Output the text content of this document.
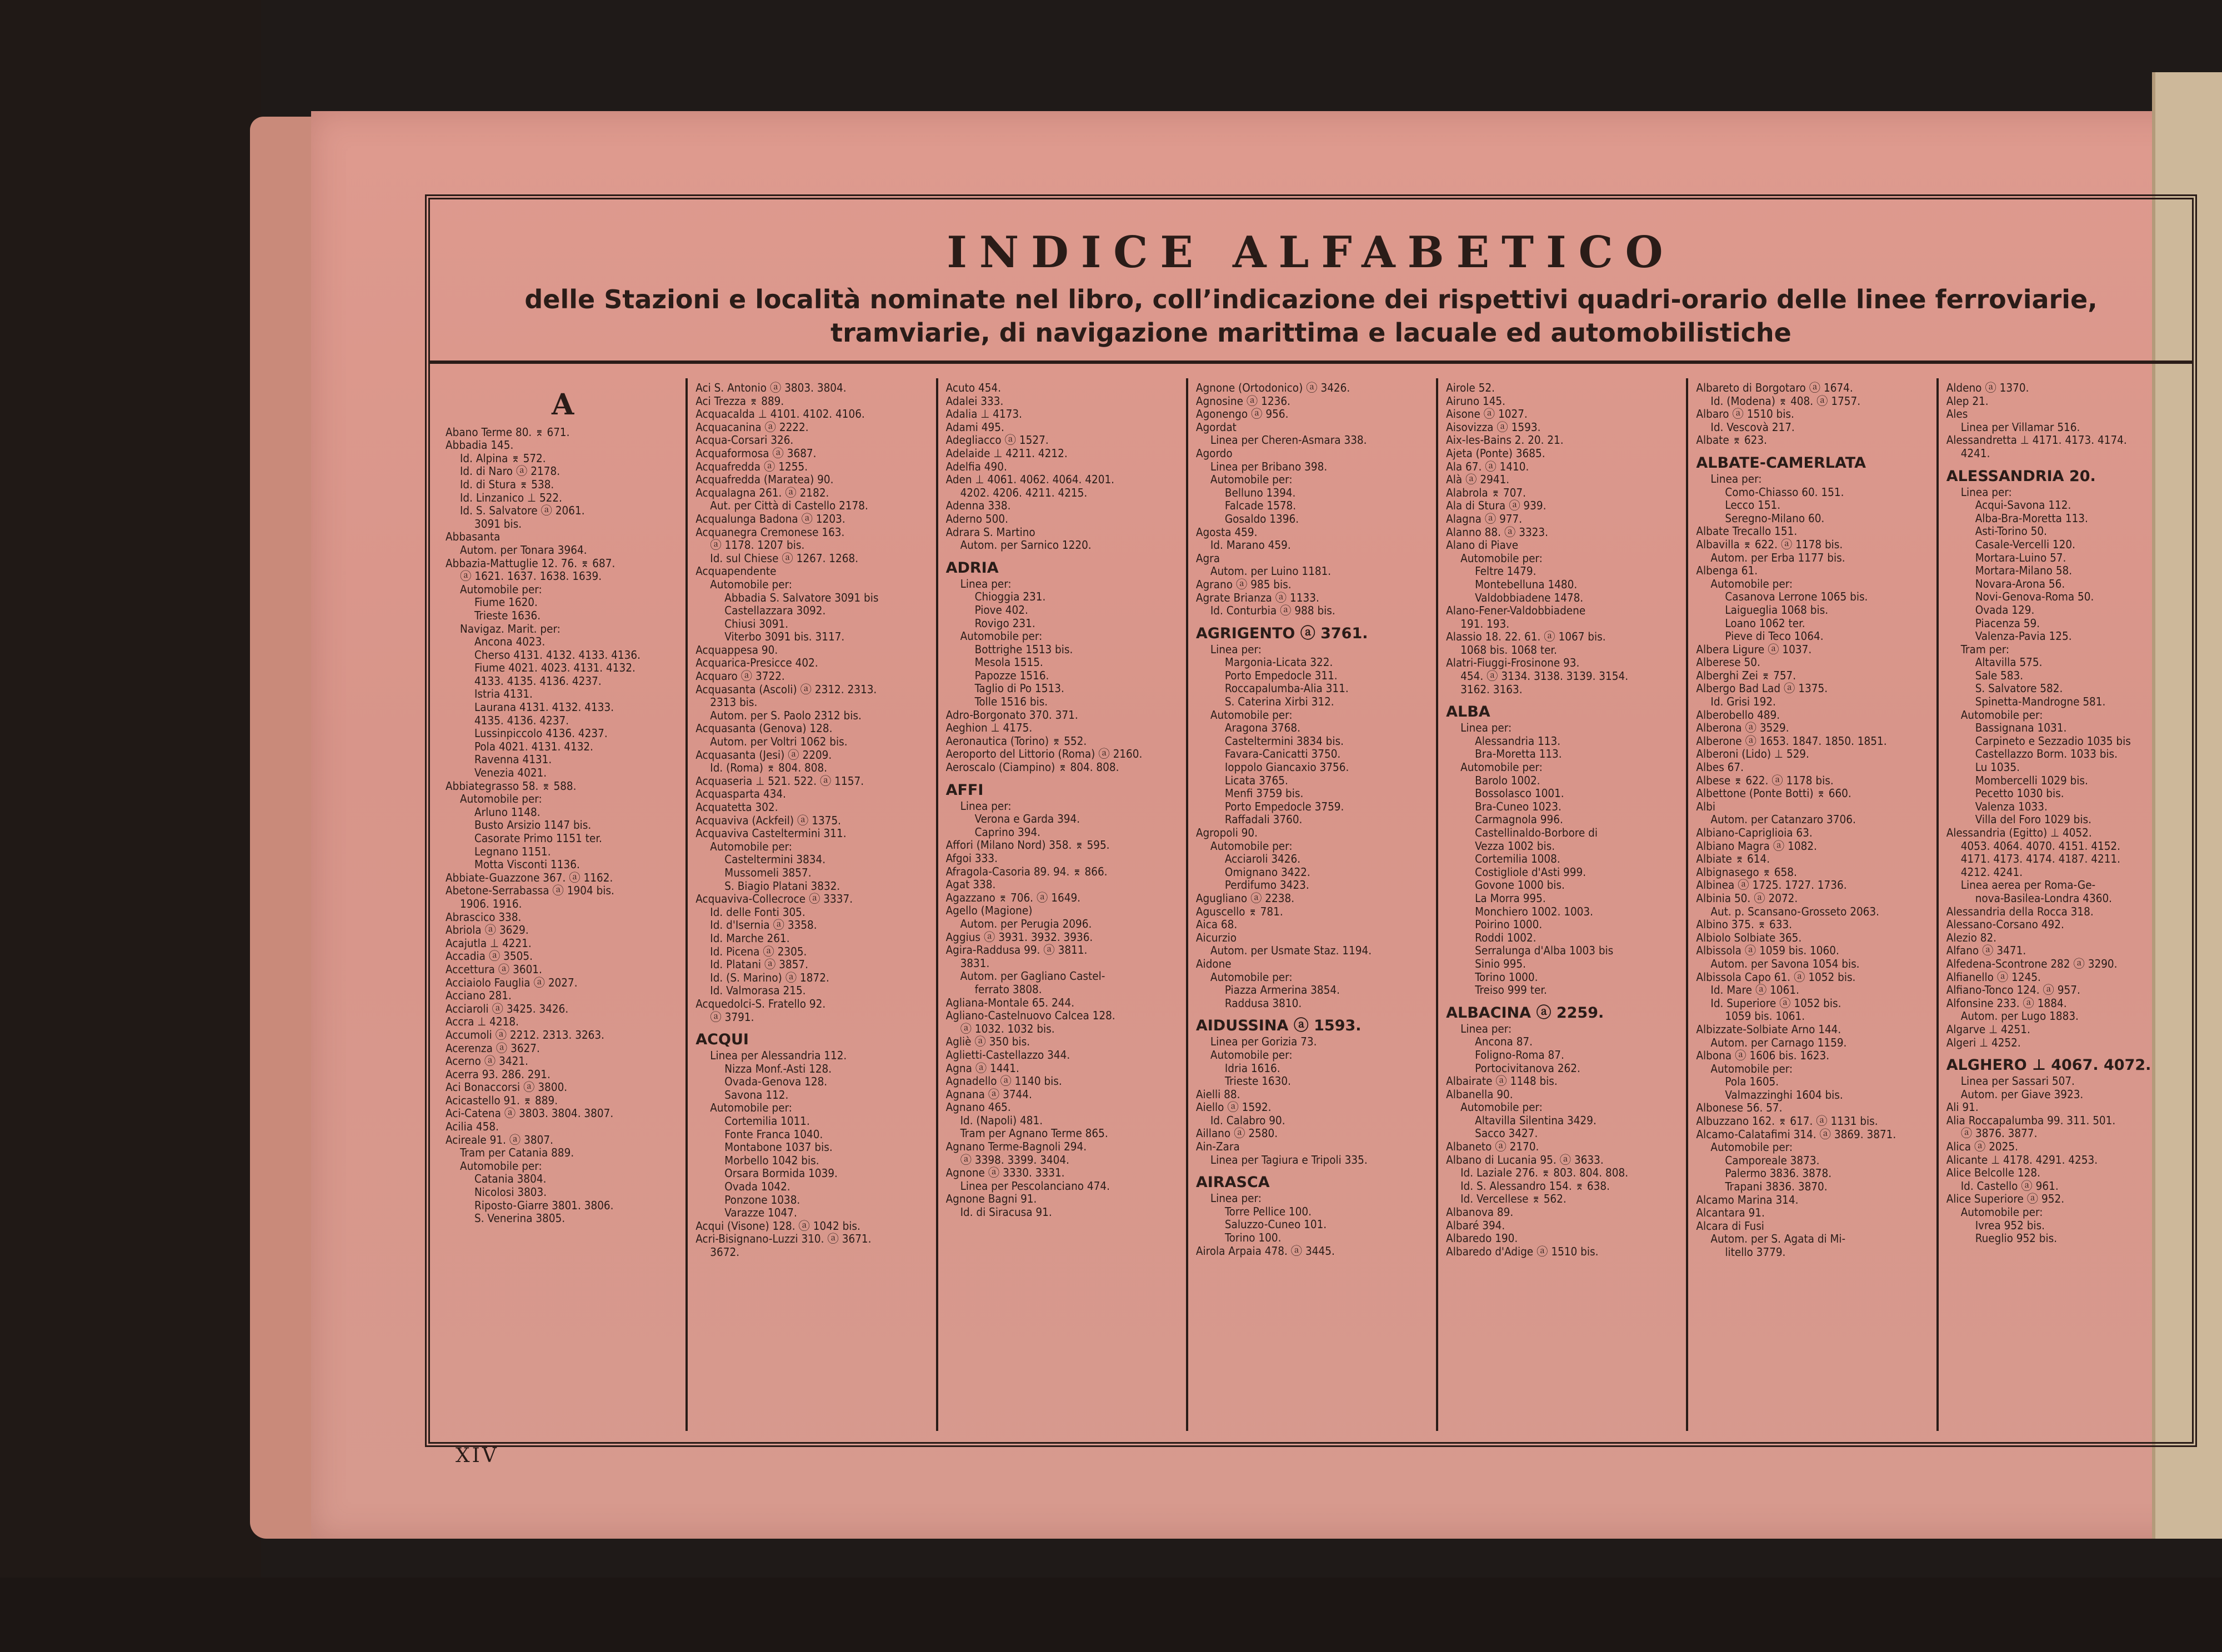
INDICE ALFABETICO
delle Stazioni e località nominate nel libro, coll’indicazione dei rispettivi quadri-orario delle linee ferroviarie, tramviarie, di navigazione marittima e lacuale ed automobilistiche
A
Abano Terme 80. ⌆ 671.
Abbadia 145.
Id. Alpina ⌆ 572.
Id. di Naro ⓐ 2178.
Id. di Stura ⌆ 538.
Id. Linzanico ⊥ 522.
Id. S. Salvatore ⓐ 2061.
3091 bis.
Abbasanta
Autom. per Tonara 3964.
Abbazia-Mattuglie 12. 76. ⌆ 687.
ⓐ 1621. 1637. 1638. 1639.
Automobile per:
Fiume 1620.
Trieste 1636.
Navigaz. Marit. per:
Ancona 4023.
Cherso 4131. 4132. 4133. 4136.
Fiume 4021. 4023. 4131. 4132.
4133. 4135. 4136. 4237.
Istria 4131.
Laurana 4131. 4132. 4133.
4135. 4136. 4237.
Lussinpiccolo 4136. 4237.
Pola 4021. 4131. 4132.
Ravenna 4131.
Venezia 4021.
Abbiategrasso 58. ⌆ 588.
Automobile per:
Arluno 1148.
Busto Arsizio 1147 bis.
Casorate Primo 1151 ter.
Legnano 1151.
Motta Visconti 1136.
Abbiate-Guazzone 367. ⓐ 1162.
Abetone-Serrabassa ⓐ 1904 bis.
1906. 1916.
Abrascico 338.
Abriola ⓐ 3629.
Acajutla ⊥ 4221.
Accadia ⓐ 3505.
Accettura ⓐ 3601.
Acciaiolo Fauglia ⓐ 2027.
Acciano 281.
Acciaroli ⓐ 3425. 3426.
Accra ⊥ 4218.
Accumoli ⓐ 2212. 2313. 3263.
Acerenza ⓐ 3627.
Acerno ⓐ 3421.
Acerra 93. 286. 291.
Aci Bonaccorsi ⓐ 3800.
Acicastello 91. ⌆ 889.
Aci-Catena ⓐ 3803. 3804. 3807.
Acilia 458.
Acireale 91. ⓐ 3807.
Tram per Catania 889.
Automobile per:
Catania 3804.
Nicolosi 3803.
Riposto-Giarre 3801. 3806.
S. Venerina 3805.
Aci S. Antonio ⓐ 3803. 3804.
Aci Trezza ⌆ 889.
Acquacalda ⊥ 4101. 4102. 4106.
Acquacanina ⓐ 2222.
Acqua-Corsari 326.
Acquaformosa ⓐ 3687.
Acquafredda ⓐ 1255.
Acquafredda (Maratea) 90.
Acqualagna 261. ⓐ 2182.
Aut. per Città di Castello 2178.
Acqualunga Badona ⓐ 1203.
Acquanegra Cremonese 163.
ⓐ 1178. 1207 bis.
Id. sul Chiese ⓐ 1267. 1268.
Acquapendente
Automobile per:
Abbadia S. Salvatore 3091 bis
Castellazzara 3092.
Chiusi 3091.
Viterbo 3091 bis. 3117.
Acquappesa 90.
Acquarica-Presicce 402.
Acquaro ⓐ 3722.
Acquasanta (Ascoli) ⓐ 2312. 2313.
2313 bis.
Autom. per S. Paolo 2312 bis.
Acquasanta (Genova) 128.
Autom. per Voltri 1062 bis.
Acquasanta (Jesi) ⓐ 2209.
Id. (Roma) ⌆ 804. 808.
Acquaseria ⊥ 521. 522. ⓐ 1157.
Acquasparta 434.
Acquatetta 302.
Acquaviva (Ackfeil) ⓐ 1375.
Acquaviva Casteltermini 311.
Automobile per:
Casteltermini 3834.
Mussomeli 3857.
S. Biagio Platani 3832.
Acquaviva-Collecroce ⓐ 3337.
Id. delle Fonti 305.
Id. d'Isernia ⓐ 3358.
Id. Marche 261.
Id. Picena ⓐ 2305.
Id. Platani ⓐ 3857.
Id. (S. Marino) ⓐ 1872.
Id. Valmorasa 215.
Acquedolci-S. Fratello 92.
ⓐ 3791.
ACQUI
Linea per Alessandria 112.
Nizza Monf.-Asti 128.
Ovada-Genova 128.
Savona 112.
Automobile per:
Cortemilia 1011.
Fonte Franca 1040.
Montabone 1037 bis.
Morbello 1042 bis.
Orsara Bormida 1039.
Ovada 1042.
Ponzone 1038.
Varazze 1047.
Acqui (Visone) 128. ⓐ 1042 bis.
Acri-Bisignano-Luzzi 310. ⓐ 3671.
3672.
Acuto 454.
Adalei 333.
Adalia ⊥ 4173.
Adami 495.
Adegliacco ⓐ 1527.
Adelaide ⊥ 4211. 4212.
Adelfia 490.
Aden ⊥ 4061. 4062. 4064. 4201.
4202. 4206. 4211. 4215.
Adenna 338.
Aderno 500.
Adrara S. Martino
Autom. per Sarnico 1220.
ADRIA
Linea per:
Chioggia 231.
Piove 402.
Rovigo 231.
Automobile per:
Bottrighe 1513 bis.
Mesola 1515.
Papozze 1516.
Taglio di Po 1513.
Tolle 1516 bis.
Adro-Borgonato 370. 371.
Aeghion ⊥ 4175.
Aeronautica (Torino) ⌆ 552.
Aeroporto del Littorio (Roma) ⓐ 2160.
Aeroscalo (Ciampino) ⌆ 804. 808.
AFFI
Linea per:
Verona e Garda 394.
Caprino 394.
Affori (Milano Nord) 358. ⌆ 595.
Afgoi 333.
Afragola-Casoria 89. 94. ⌆ 866.
Agat 338.
Agazzano ⌆ 706. ⓐ 1649.
Agello (Magione)
Autom. per Perugia 2096.
Aggius ⓐ 3931. 3932. 3936.
Agira-Raddusa 99. ⓐ 3811.
3831.
Autom. per Gagliano Castel-
ferrato 3808.
Agliana-Montale 65. 244.
Agliano-Castelnuovo Calcea 128.
ⓐ 1032. 1032 bis.
Agliè ⓐ 350 bis.
Aglietti-Castellazzo 344.
Agna ⓐ 1441.
Agnadello ⓐ 1140 bis.
Agnana ⓐ 3744.
Agnano 465.
Id. (Napoli) 481.
Tram per Agnano Terme 865.
Agnano Terme-Bagnoli 294.
ⓐ 3398. 3399. 3404.
Agnone ⓐ 3330. 3331.
Linea per Pescolanciano 474.
Agnone Bagni 91.
Id. di Siracusa 91.
Agnone (Ortodonico) ⓐ 3426.
Agnosine ⓐ 1236.
Agonengo ⓐ 956.
Agordat
Linea per Cheren-Asmara 338.
Agordo
Linea per Bribano 398.
Automobile per:
Belluno 1394.
Falcade 1578.
Gosaldo 1396.
Agosta 459.
Id. Marano 459.
Agra
Autom. per Luino 1181.
Agrano ⓐ 985 bis.
Agrate Brianza ⓐ 1133.
Id. Conturbia ⓐ 988 bis.
AGRIGENTO ⓐ 3761.
Linea per:
Margonia-Licata 322.
Porto Empedocle 311.
Roccapalumba-Alia 311.
S. Caterina Xirbi 312.
Automobile per:
Aragona 3768.
Casteltermini 3834 bis.
Favara-Canicatti 3750.
Ioppolo Giancaxio 3756.
Licata 3765.
Menfi 3759 bis.
Porto Empedocle 3759.
Raffadali 3760.
Agropoli 90.
Automobile per:
Acciaroli 3426.
Omignano 3422.
Perdifumo 3423.
Agugliano ⓐ 2238.
Aguscello ⌆ 781.
Aica 68.
Aicurzio
Autom. per Usmate Staz. 1194.
Aidone
Automobile per:
Piazza Armerina 3854.
Raddusa 3810.
AIDUSSINA ⓐ 1593.
Linea per Gorizia 73.
Automobile per:
Idria 1616.
Trieste 1630.
Aielli 88.
Aiello ⓐ 1592.
Id. Calabro 90.
Aillano ⓐ 2580.
Ain-Zara
Linea per Tagiura e Tripoli 335.
AIRASCA
Linea per:
Torre Pellice 100.
Saluzzo-Cuneo 101.
Torino 100.
Airola Arpaia 478. ⓐ 3445.
Airole 52.
Airuno 145.
Aisone ⓐ 1027.
Aisovizza ⓐ 1593.
Aix-les-Bains 2. 20. 21.
Ajeta (Ponte) 3685.
Ala 67. ⓐ 1410.
Alà ⓐ 2941.
Alabrola ⌆ 707.
Ala di Stura ⓐ 939.
Alagna ⓐ 977.
Alanno 88. ⓐ 3323.
Alano di Piave
Automobile per:
Feltre 1479.
Montebelluna 1480.
Valdobbiadene 1478.
Alano-Fener-Valdobbiadene
191. 193.
Alassio 18. 22. 61. ⓐ 1067 bis.
1068 bis. 1068 ter.
Alatri-Fiuggi-Frosinone 93.
454. ⓐ 3134. 3138. 3139. 3154.
3162. 3163.
ALBA
Linea per:
Alessandria 113.
Bra-Moretta 113.
Automobile per:
Barolo 1002.
Bossolasco 1001.
Bra-Cuneo 1023.
Carmagnola 996.
Castellinaldo-Borbore di
Vezza 1002 bis.
Cortemilia 1008.
Costigliole d'Asti 999.
Govone 1000 bis.
La Morra 995.
Monchiero 1002. 1003.
Poirino 1000.
Roddi 1002.
Serralunga d'Alba 1003 bis
Sinio 995.
Torino 1000.
Treiso 999 ter.
ALBACINA ⓐ 2259.
Linea per:
Ancona 87.
Foligno-Roma 87.
Portocivitanova 262.
Albairate ⓐ 1148 bis.
Albanella 90.
Automobile per:
Altavilla Silentina 3429.
Sacco 3427.
Albaneto ⓐ 2170.
Albano di Lucania 95. ⓐ 3633.
Id. Laziale 276. ⌆ 803. 804. 808.
Id. S. Alessandro 154. ⌆ 638.
Id. Vercellese ⌆ 562.
Albanova 89.
Albaré 394.
Albaredo 190.
Albaredo d'Adige ⓐ 1510 bis.
Albareto di Borgotaro ⓐ 1674.
Id. (Modena) ⌆ 408. ⓐ 1757.
Albaro ⓐ 1510 bis.
Id. Vescovà 217.
Albate ⌆ 623.
ALBATE-CAMERLATA
Linea per:
Como-Chiasso 60. 151.
Lecco 151.
Seregno-Milano 60.
Albate Trecallo 151.
Albavilla ⌆ 622. ⓐ 1178 bis.
Autom. per Erba 1177 bis.
Albenga 61.
Automobile per:
Casanova Lerrone 1065 bis.
Laigueglia 1068 bis.
Loano 1062 ter.
Pieve di Teco 1064.
Albera Ligure ⓐ 1037.
Alberese 50.
Alberghi Zei ⌆ 757.
Albergo Bad Lad ⓐ 1375.
Id. Grisi 192.
Alberobello 489.
Alberona ⓐ 3529.
Alberone ⓐ 1653. 1847. 1850. 1851.
Alberoni (Lido) ⊥ 529.
Albes 67.
Albese ⌆ 622. ⓐ 1178 bis.
Albettone (Ponte Botti) ⌆ 660.
Albi
Autom. per Catanzaro 3706.
Albiano-Capriglioia 63.
Albiano Magra ⓐ 1082.
Albiate ⌆ 614.
Albignasego ⌆ 658.
Albinea ⓐ 1725. 1727. 1736.
Albinia 50. ⓐ 2072.
Aut. p. Scansano-Grosseto 2063.
Albino 375. ⌆ 633.
Albiolo Solbiate 365.
Albissola ⓐ 1059 bis. 1060.
Autom. per Savona 1054 bis.
Albissola Capo 61. ⓐ 1052 bis.
Id. Mare ⓐ 1061.
Id. Superiore ⓐ 1052 bis.
1059 bis. 1061.
Albizzate-Solbiate Arno 144.
Autom. per Carnago 1159.
Albona ⓐ 1606 bis. 1623.
Automobile per:
Pola 1605.
Valmazzinghi 1604 bis.
Albonese 56. 57.
Albuzzano 162. ⌆ 617. ⓐ 1131 bis.
Alcamo-Calatafimi 314. ⓐ 3869. 3871.
Automobile per:
Camporeale 3873.
Palermo 3836. 3878.
Trapani 3836. 3870.
Alcamo Marina 314.
Alcantara 91.
Alcara di Fusi
Autom. per S. Agata di Mi-
litello 3779.
Aldeno ⓐ 1370.
Alep 21.
Ales
Linea per Villamar 516.
Alessandretta ⊥ 4171. 4173. 4174.
4241.
ALESSANDRIA 20.
Linea per:
Acqui-Savona 112.
Alba-Bra-Moretta 113.
Asti-Torino 50.
Casale-Vercelli 120.
Mortara-Luino 57.
Mortara-Milano 58.
Novara-Arona 56.
Novi-Genova-Roma 50.
Ovada 129.
Piacenza 59.
Valenza-Pavia 125.
Tram per:
Altavilla 575.
Sale 583.
S. Salvatore 582.
Spinetta-Mandrogne 581.
Automobile per:
Bassignana 1031.
Carpineto e Sezzadio 1035 bis
Castellazzo Borm. 1033 bis.
Lu 1035.
Mombercelli 1029 bis.
Pecetto 1030 bis.
Valenza 1033.
Villa del Foro 1029 bis.
Alessandria (Egitto) ⊥ 4052.
4053. 4064. 4070. 4151. 4152.
4171. 4173. 4174. 4187. 4211.
4212. 4241.
Linea aerea per Roma-Ge-
nova-Basilea-Londra 4360.
Alessandria della Rocca 318.
Alessano-Corsano 492.
Alezio 82.
Alfano ⓐ 3471.
Alfedena-Scontrone 282 ⓐ 3290.
Alfianello ⓐ 1245.
Alfiano-Tonco 124. ⓐ 957.
Alfonsine 233. ⓐ 1884.
Autom. per Lugo 1883.
Algarve ⊥ 4251.
Algeri ⊥ 4252.
ALGHERO ⊥ 4067. 4072.
Linea per Sassari 507.
Autom. per Giave 3923.
Ali 91.
Alia Roccapalumba 99. 311. 501.
ⓐ 3876. 3877.
Alica ⓐ 2025.
Alicante ⊥ 4178. 4291. 4253.
Alice Belcolle 128.
Id. Castello ⓐ 961.
Alice Superiore ⓐ 952.
Automobile per:
Ivrea 952 bis.
Rueglio 952 bis.
XIV
